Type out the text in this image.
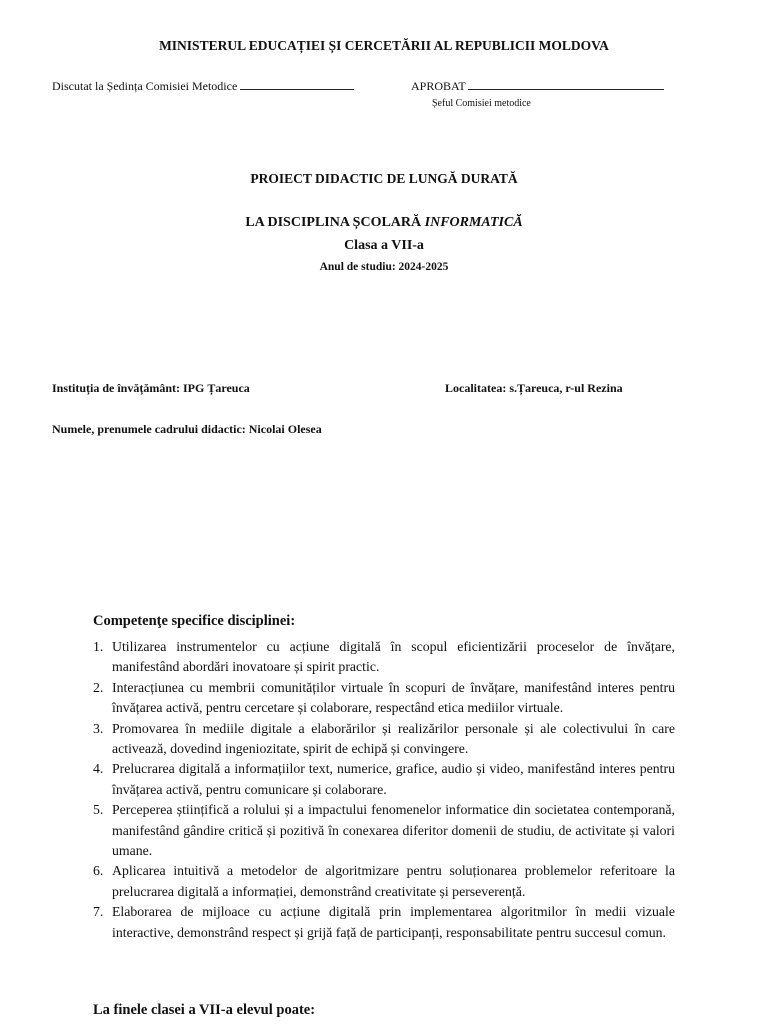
MINISTERUL EDUCAȚIEI ȘI CERCETĂRII AL REPUBLICII MOLDOVA
Discutat la Ședința Comisiei Metodice	APROBAT
Șeful Comisiei metodice
PROIECT DIDACTIC DE LUNGĂ DURATĂ
LA DISCIPLINA ȘCOLARĂ INFORMATICĂ
Clasa a VII-a
Anul de studiu: 2024-2025
Instituția de învățământ: IPG Țareuca	Localitatea: s.Țareuca, r-ul Rezina
Numele, prenumele cadrului didactic: Nicolai Olesea
Competenţe specifice disciplinei:
1. Utilizarea instrumentelor cu acțiune digitală în scopul eficientizării proceselor de învățare, manifestând abordări inovatoare și spirit practic.
2. Interacțiunea cu membrii comunităților virtuale în scopuri de învățare, manifestând interes pentru învățarea activă, pentru cercetare și colaborare, respectând etica mediilor virtuale.
3. Promovarea în mediile digitale a elaborărilor și realizărilor personale și ale colectivului în care activează, dovedind ingeniozitate, spirit de echipă și convingere.
4. Prelucrarea digitală a informațiilor text, numerice, grafice, audio și video, manifestând interes pentru învățarea activă, pentru comunicare și colaborare.
5. Perceperea științifică a rolului și a impactului fenomenelor informatice din societatea contemporană, manifestând gândire critică și pozitivă în conexarea diferitor domenii de studiu, de activitate și valori umane.
6. Aplicarea intuitivă a metodelor de algoritmizare pentru soluționarea problemelor referitoare la prelucrarea digitală a informației, demonstrând creativitate și perseverență.
7. Elaborarea de mijloace cu acțiune digitală prin implementarea algoritmilor în medii vizuale interactive, demonstrând respect și grijă față de participanți, responsabilitate pentru succesul comun.
La finele clasei a VII-a elevul poate:
